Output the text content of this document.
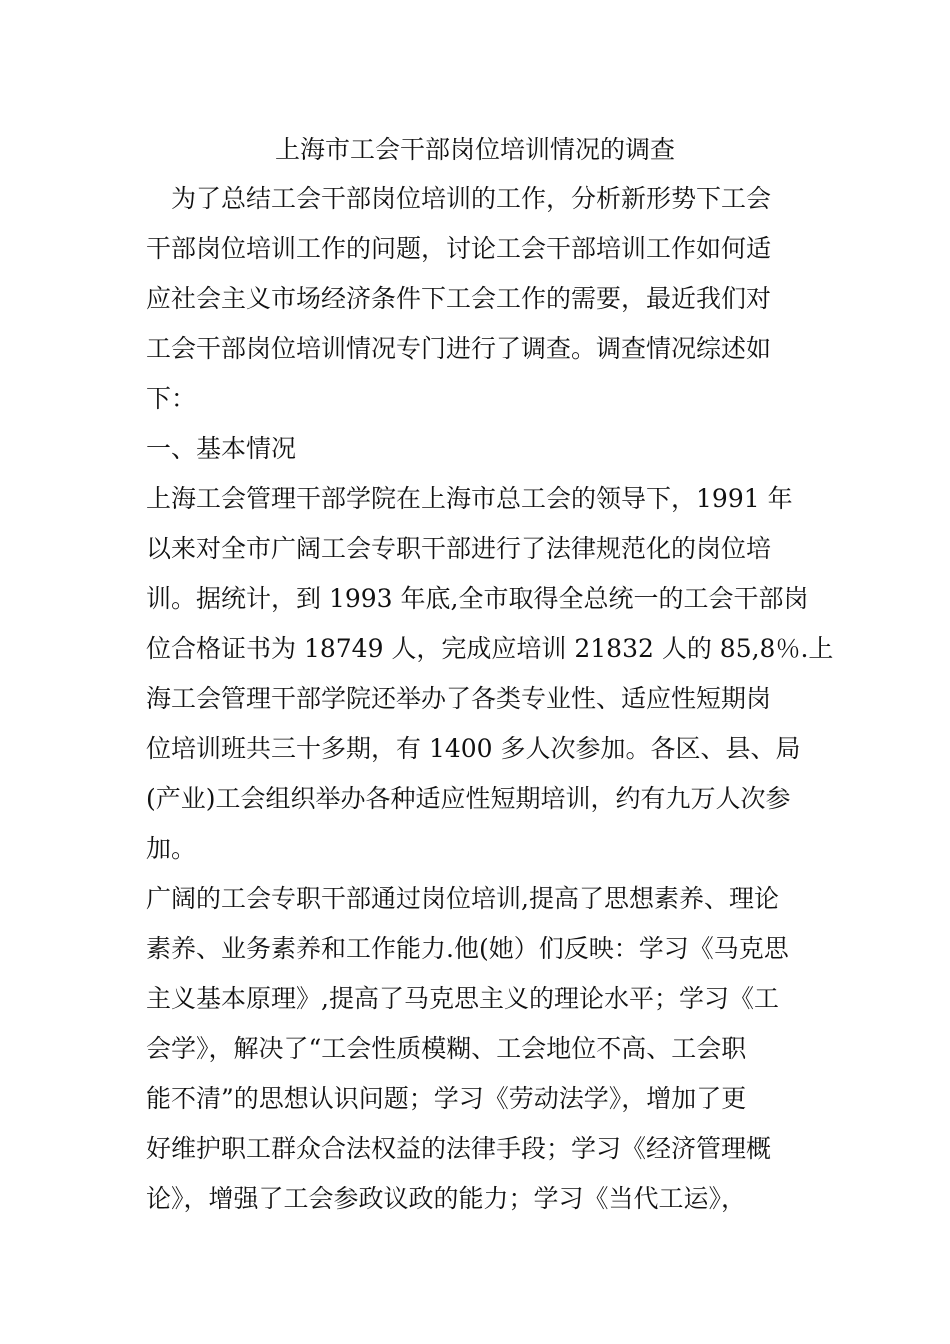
上海市工会干部岗位培训情况的调查
　为了总结工会干部岗位培训的工作，分析新形势下工会
干部岗位培训工作的问题，讨论工会干部培训工作如何适
应社会主义市场经济条件下工会工作的需要，最近我们对
工会干部岗位培训情况专门进行了调查。调查情况综述如
下：
一、基本情况
上海工会管理干部学院在上海市总工会的领导下，1991 年
以来对全市广阔工会专职干部进行了法律规范化的岗位培
训。据统计，到 1993 年底,全市取得全总统一的工会干部岗
位合格证书为 18749 人，完成应培训 21832 人的 85,8％.上
海工会管理干部学院还举办了各类专业性、适应性短期岗
位培训班共三十多期，有 1400 多人次参加。各区、县、局
(产业)工会组织举办各种适应性短期培训，约有九万人次参
加。
广阔的工会专职干部通过岗位培训,提高了思想素养、理论
素养、业务素养和工作能力.他(她）们反映：学习《马克思
主义基本原理》,提高了马克思主义的理论水平；学习《工
会学》，解决了“工会性质模糊、工会地位不高、工会职
能不清”的思想认识问题；学习《劳动法学》，增加了更
好维护职工群众合法权益的法律手段；学习《经济管理概
论》，增强了工会参政议政的能力；学习《当代工运》，
